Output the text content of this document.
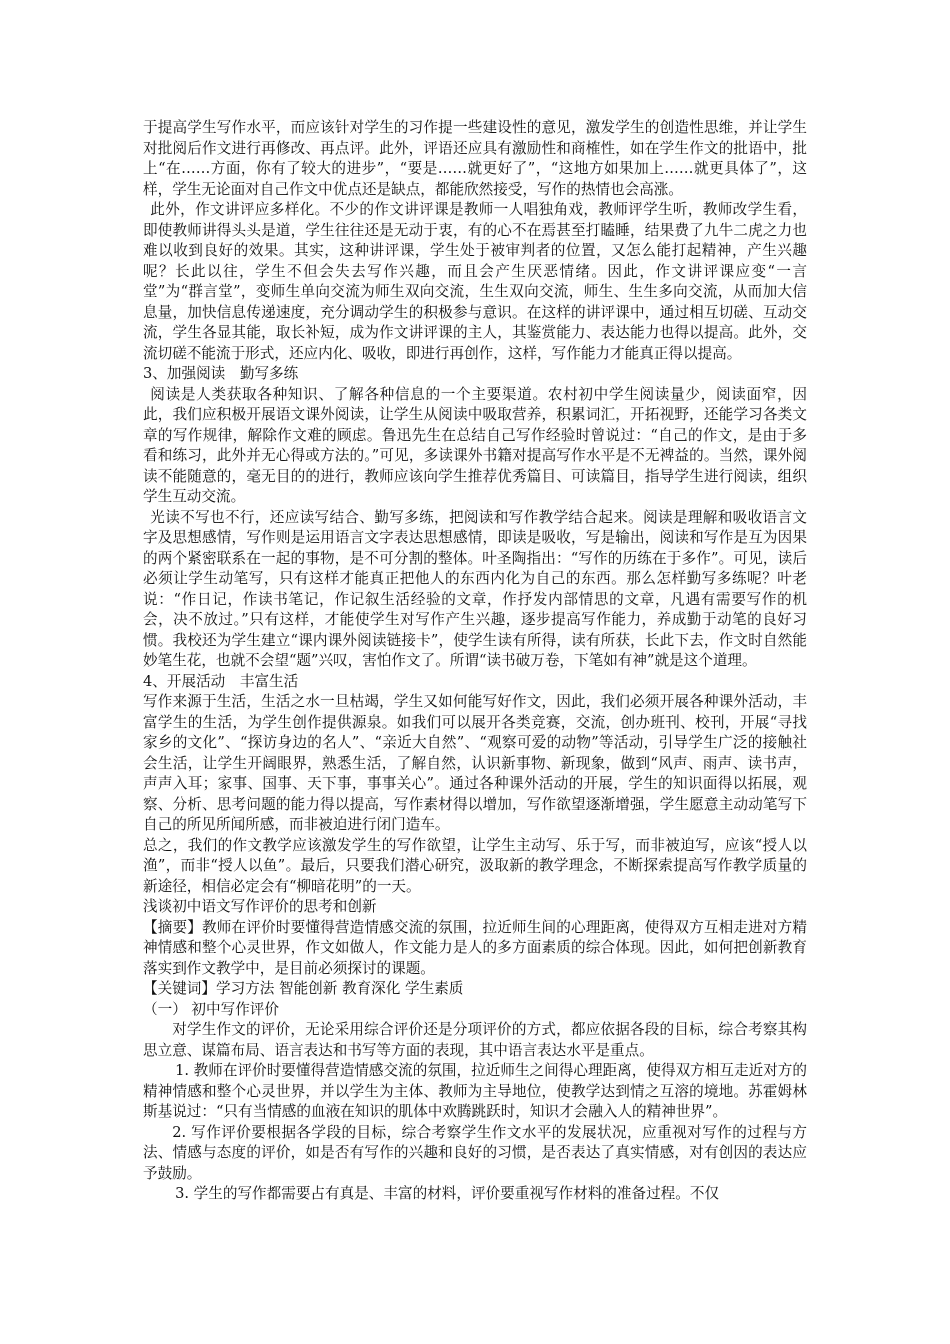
于提高学生写作水平，而应该针对学生的习作提一些建设性的意见，激发学生的创造性思维，并让学生对批阅后作文进行再修改、再点评。此外，评语还应具有激励性和商榷性，如在学生作文的批语中，批上“在……方面，你有了较大的进步”，“要是……就更好了”，“这地方如果加上……就更具体了”，这样，学生无论面对自己作文中优点还是缺点，都能欣然接受，写作的热情也会高涨。

此外，作文讲评应多样化。不少的作文讲评课是教师一人唱独角戏，教师评学生听，教师改学生看，即使教师讲得头头是道，学生往往还是无动于衷，有的心不在焉甚至打瞌睡，结果费了九牛二虎之力也难以收到良好的效果。其实，这种讲评课，学生处于被审判者的位置，又怎么能打起精神，产生兴趣呢？长此以往，学生不但会失去写作兴趣，而且会产生厌恶情绪。因此，作文讲评课应变“一言堂”为“群言堂”，变师生单向交流为师生双向交流，生生双向交流，师生、生生多向交流，从而加大信息量，加快信息传递速度，充分调动学生的积极参与意识。在这样的讲评课中，通过相互切磋、互动交流，学生各显其能，取长补短，成为作文讲评课的主人，其鉴赏能力、表达能力也得以提高。此外，交流切磋不能流于形式，还应内化、吸收，即进行再创作，这样，写作能力才能真正得以提高。

3、加强阅读　勤写多练

阅读是人类获取各种知识、了解各种信息的一个主要渠道。农村初中学生阅读量少，阅读面窄，因此，我们应积极开展语文课外阅读，让学生从阅读中吸取营养，积累词汇，开拓视野，还能学习各类文章的写作规律，解除作文难的顾虑。鲁迅先生在总结自己写作经验时曾说过：“自己的作文，是由于多看和练习，此外并无心得或方法的。”可见，多读课外书籍对提高写作水平是不无裨益的。当然，课外阅读不能随意的，毫无目的的进行，教师应该向学生推荐优秀篇目、可读篇目，指导学生进行阅读，组织学生互动交流。

光读不写也不行，还应读写结合、勤写多练，把阅读和写作教学结合起来。阅读是理解和吸收语言文字及思想感情，写作则是运用语言文字表达思想感情，即读是吸收，写是输出，阅读和写作是互为因果的两个紧密联系在一起的事物，是不可分割的整体。叶圣陶指出：“写作的历练在于多作”。可见，读后必须让学生动笔写，只有这样才能真正把他人的东西内化为自己的东西。那么怎样勤写多练呢？叶老说：“作日记，作读书笔记，作记叙生活经验的文章，作抒发内部情思的文章，凡遇有需要写作的机会，决不放过。”只有这样，才能使学生对写作产生兴趣，逐步提高写作能力，养成勤于动笔的良好习惯。我校还为学生建立“课内课外阅读链接卡”，使学生读有所得，读有所获，长此下去，作文时自然能妙笔生花，也就不会望“题”兴叹，害怕作文了。所谓“读书破万卷，下笔如有神”就是这个道理。

4、开展活动　丰富生活

写作来源于生活，生活之水一旦枯竭，学生又如何能写好作文，因此，我们必须开展各种课外活动，丰富学生的生活，为学生创作提供源泉。如我们可以展开各类竞赛，交流，创办班刊、校刊，开展“寻找家乡的文化”、“探访身边的名人”、“亲近大自然”、“观察可爱的动物”等活动，引导学生广泛的接触社会生活，让学生开阔眼界，熟悉生活，了解自然，认识新事物、新现象，做到“风声、雨声、读书声，声声入耳；家事、国事、天下事，事事关心”。通过各种课外活动的开展，学生的知识面得以拓展，观察、分析、思考问题的能力得以提高，写作素材得以增加，写作欲望逐渐增强，学生愿意主动动笔写下自己的所见所闻所感，而非被迫进行闭门造车。

总之，我们的作文教学应该激发学生的写作欲望，让学生主动写、乐于写，而非被迫写，应该“授人以渔”，而非“授人以鱼”。最后，只要我们潜心研究，汲取新的教学理念，不断探索提高写作教学质量的新途径，相信必定会有“柳暗花明”的一天。

浅谈初中语文写作评价的思考和创新

【摘要】教师在评价时要懂得营造情感交流的氛围，拉近师生间的心理距离，使得双方互相走进对方精神情感和整个心灵世界，作文如做人，作文能力是人的多方面素质的综合体现。因此，如何把创新教育落实到作文教学中，是目前必须探讨的课题。

【关键词】学习方法 智能创新 教育深化 学生素质

（一） 初中写作评价

对学生作文的评价，无论采用综合评价还是分项评价的方式，都应依据各段的目标，综合考察其构思立意、谋篇布局、语言表达和书写等方面的表现，其中语言表达水平是重点。

1. 教师在评价时要懂得营造情感交流的氛围，拉近师生之间得心理距离，使得双方相互走近对方的精神情感和整个心灵世界，并以学生为主体、教师为主导地位，使教学达到情之互溶的境地。苏霍姆林斯基说过：“只有当情感的血液在知识的肌体中欢腾跳跃时，知识才会融入人的精神世界”。

2. 写作评价要根据各学段的目标，综合考察学生作文水平的发展状况，应重视对写作的过程与方法、情感与态度的评价，如是否有写作的兴趣和良好的习惯，是否表达了真实情感，对有创因的表达应予鼓励。

3. 学生的写作都需要占有真是、丰富的材料，评价要重视写作材料的准备过程。不仅
